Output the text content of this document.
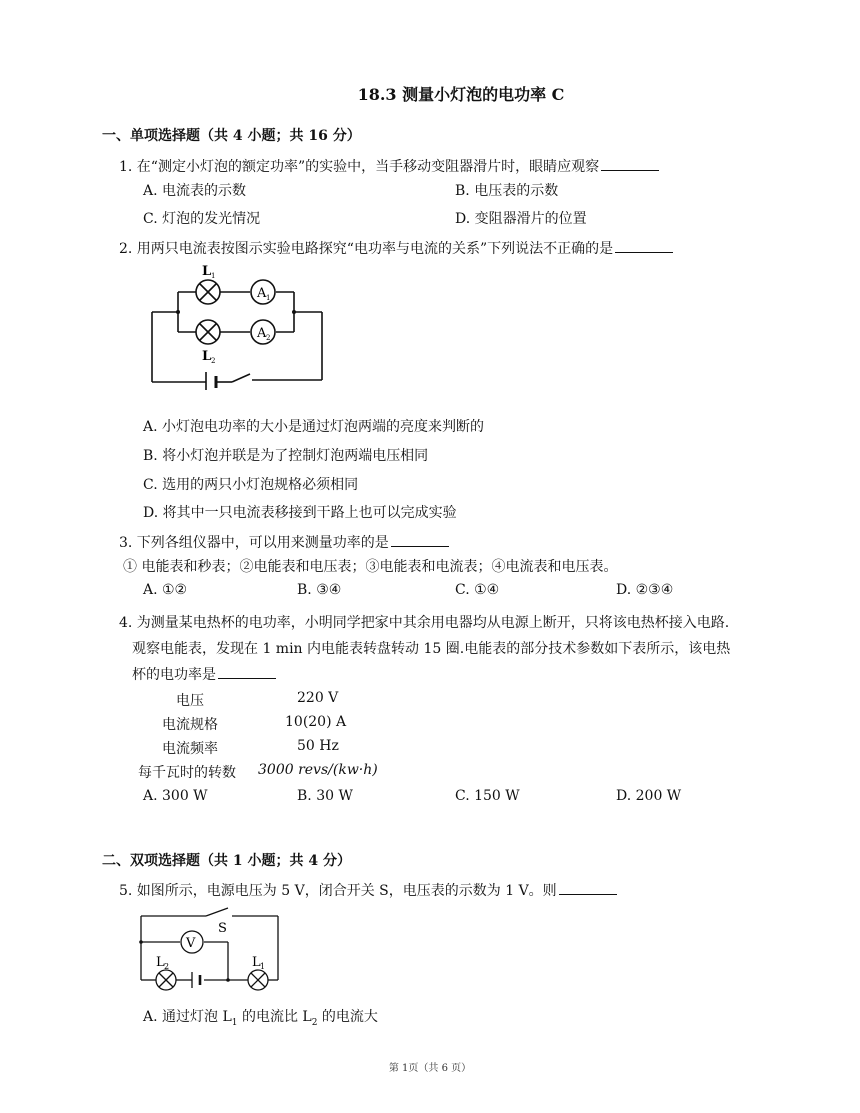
18.3 测量小灯泡的电功率 C
一、单项选择题（共 4 小题；共 16 分）
1. 在“测定小灯泡的额定功率”的实验中，当手移动变阻器滑片时，眼睛应观察
A. 电流表的示数	B. 电压表的示数
C. 灯泡的发光情况	D. 变阻器滑片的位置
2. 用两只电流表按图示实验电路探究“电功率与电流的关系”下列说法不正确的是
A 1
A 2
L 1
L 2
A. 小灯泡电功率的大小是通过灯泡两端的亮度来判断的
B. 将小灯泡并联是为了控制灯泡两端电压相同
C. 选用的两只小灯泡规格必须相同
D. 将其中一只电流表移接到干路上也可以完成实验
3. 下列各组仪器中，可以用来测量功率的是
① 电能表和秒表；②电能表和电压表；③电能表和电流表；④电流表和电压表。
A. ①②	B. ③④	C. ①④	D. ②③④
4. 为测量某电热杯的电功率，小明同学把家中其余用电器均从电源上断开，只将该电热杯接入电路.
观察电能表，发现在 1 min 内电能表转盘转动 15 圈.电能表的部分技术参数如下表所示，该电热
杯的电功率是
电压	220 V
电流规格	10(20) A
电流频率	50 Hz
每千瓦时的转数 3000 revs/(kw·h)
A. 300 W	B. 30 W	C. 150 W	D. 200 W
二、双项选择题（共 1 小题；共 4 分）
5. 如图所示，电源电压为 5 V，闭合开关 S，电压表的示数为 1 V。则
V
S
L 2	L 1
A. 通过灯泡 $L_1$ 的电流比 $L_2$ 的电流大
第 1页（共 6 页）
